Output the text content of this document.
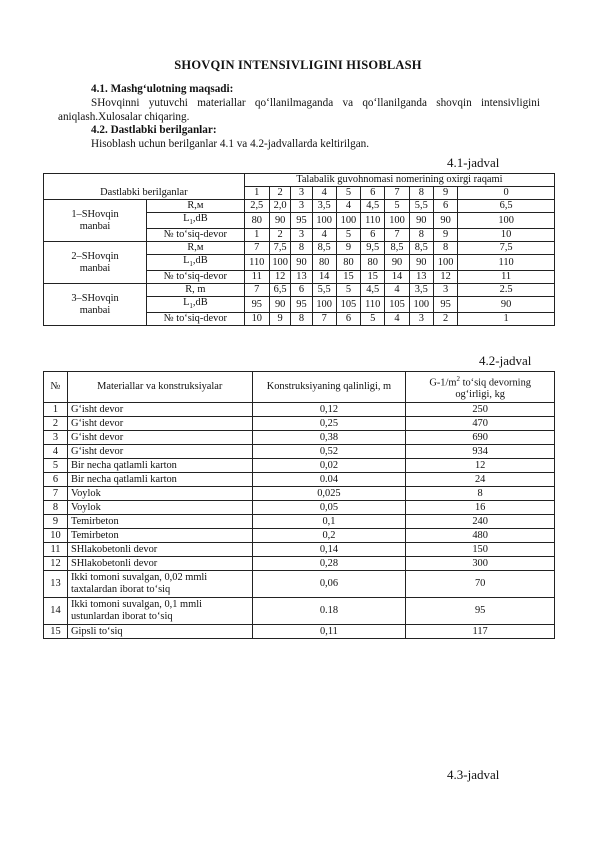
SHOVQIN INTENSIVLIGINI HISOBLASH
4.1. Mashg‘ulotning maqsadi:
SHovqinni yutuvchi materiallar qo‘llanilmaganda va qo‘llanilganda shovqin intensivligini
aniqlash.Xulosalar chiqaring.
4.2. Dastlabki berilganlar:
Hisoblash uchun berilganlar 4.1 va 4.2-jadvallarda keltirilgan.
4.1-jadval
Dastlabki berilganlar		Talabalik guvohnomasi nomerining oxirgi raqami									
		1	2	3	4	5	6	7	8	9	0

1–SHovqin
manbai	R,м	2,5	2,0	3	3,5	4	4,5	5	5,5	6	6,5
	$L_1,dB$	80	90	95	100	100	110	100	90	90	100
	№ to‘siq-devor	1	2	3	4	5	6	7	8	9	10

2–SHovqin
manbai	R,м	7	7,5	8	8,5	9	9,5	8,5	8,5	8	7,5
	$L_1,dB$	110	100	90	80	80	80	90	90	100	110
	№ to‘siq-devor	11	12	13	14	15	15	14	13	12	11

3–SHovqin
manbai	R, m	7	6,5	6	5,5	5	4,5	4	3,5	3	2.5
	$L_1,dB$	95	90	95	100	105	110	105	100	95	90
	№ to‘siq-devor	10	9	8	7	6	5	4	3	2	1
4.2-jadval
№	Materiallar va konstruksiyalar	Konstruksiyaning qalinligi, m	$G-1/m^2$ to‘siq devorning
og‘irligi, kg

1	G‘isht devor	0,12	250
2	G‘isht devor	0,25	470
3	G‘isht devor	0,38	690
4	G‘isht devor	0,52	934
5	Bir necha qatlamli karton	0,02	12
6	Bir necha qatlamli karton	0.04	24
7	Voylok	0,025	8
8	Voylok	0,05	16
9	Temirbeton	0,1	240
10	Temirbeton	0,2	480
11	SHlakobetonli devor	0,14	150
12	SHlakobetonli devor	0,28	300
13	Ikki tomoni suvalgan, 0,02 mmli
taxtalardan iborat to‘siq	0,06	70
14	Ikki tomoni suvalgan, 0,1 mmli
ustunlardan iborat to‘siq	0.18	95
15	Gipsli to‘siq	0,11	117
4.3-jadval
